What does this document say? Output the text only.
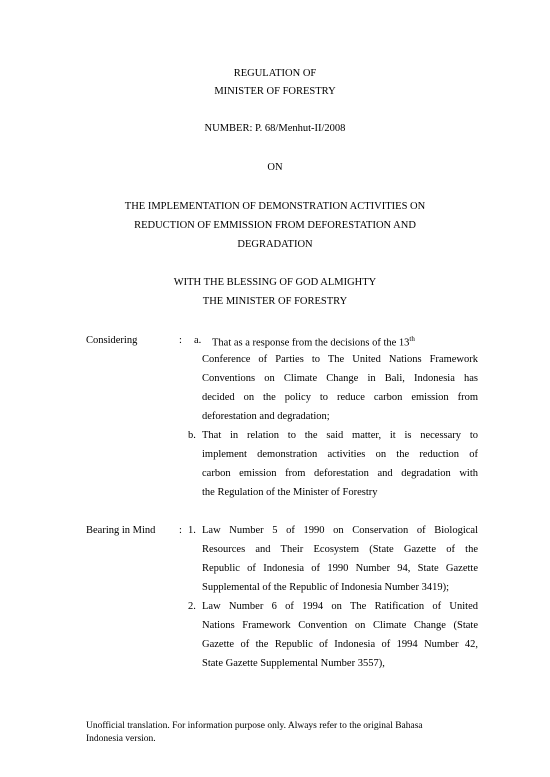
REGULATION OF
MINISTER OF FORESTRY
NUMBER: P. 68/Menhut-II/2008
ON
THE IMPLEMENTATION OF DEMONSTRATION ACTIVITIES ON
REDUCTION OF EMMISSION FROM DEFORESTATION AND
DEGRADATION
WITH THE BLESSING OF GOD ALMIGHTY
THE MINISTER OF FORESTRY
Considering	: a. That as a response from the decisions of the 13th
Conference of Parties to The United Nations Framework
Conventions on Climate Change in Bali, Indonesia has
decided on the policy to reduce carbon emission from
deforestation and degradation;
b. That in relation to the said matter, it is necessary to
implement demonstration activities on the reduction of
carbon emission from deforestation and degradation with
the Regulation of the Minister of Forestry
Bearing in Mind : 1. Law Number 5 of 1990 on Conservation of Biological
Resources and Their Ecosystem (State Gazette of the
Republic of Indonesia of 1990 Number 94, State Gazette
Supplemental of the Republic of Indonesia Number 3419);
2. Law Number 6 of 1994 on The Ratification of United
Nations Framework Convention on Climate Change (State
Gazette of the Republic of Indonesia of 1994 Number 42,
State Gazette Supplemental Number 3557),
Unofficial translation. For information purpose only. Always refer to the original Bahasa
Indonesia version.
